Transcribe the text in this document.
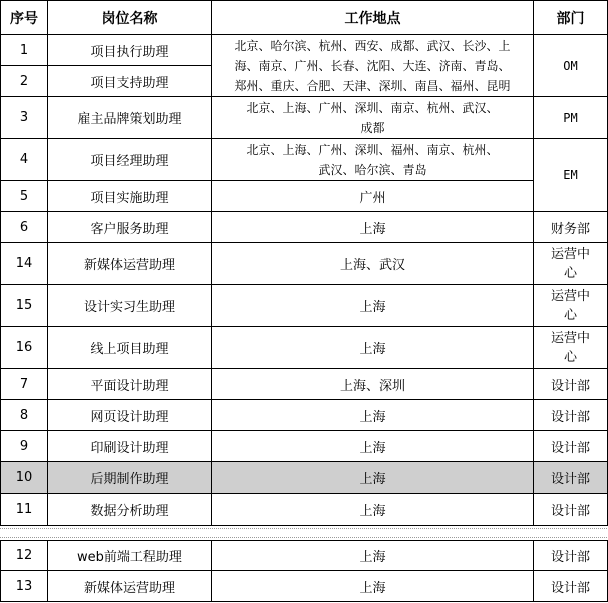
序号	岗位名称	工作地点	部门
1	项目执行助理	北京、哈尔滨、杭州、西安、成都、武汉、长沙、上
海、南京、广州、长春、沈阳、大连、济南、青岛、
郑州、重庆、合肥、天津、深圳、南昌、福州、昆明	OM
2	项目支持助理		
3	雇主品牌策划助理	北京、上海、广州、深圳、南京、杭州、武汉、
成都	PM
4	项目经理助理	北京、上海、广州、深圳、福州、南京、杭州、
武汉、哈尔滨、青岛	EM
5	项目实施助理	广州	
6	客户服务助理	上海	财务部
14	新媒体运营助理	上海、武汉	运营中
心

15	设计实习生助理	上海	运营中
心

16	线上项目助理	上海	运营中
心

7	平面设计助理	上海、深圳	设计部
8	网页设计助理	上海	设计部
9	印刷设计助理	上海	设计部
10	后期制作助理	上海	设计部
11	数据分析助理	上海	设计部
12	web前端工程助理	上海	设计部
13	新媒体运营助理	上海	设计部
